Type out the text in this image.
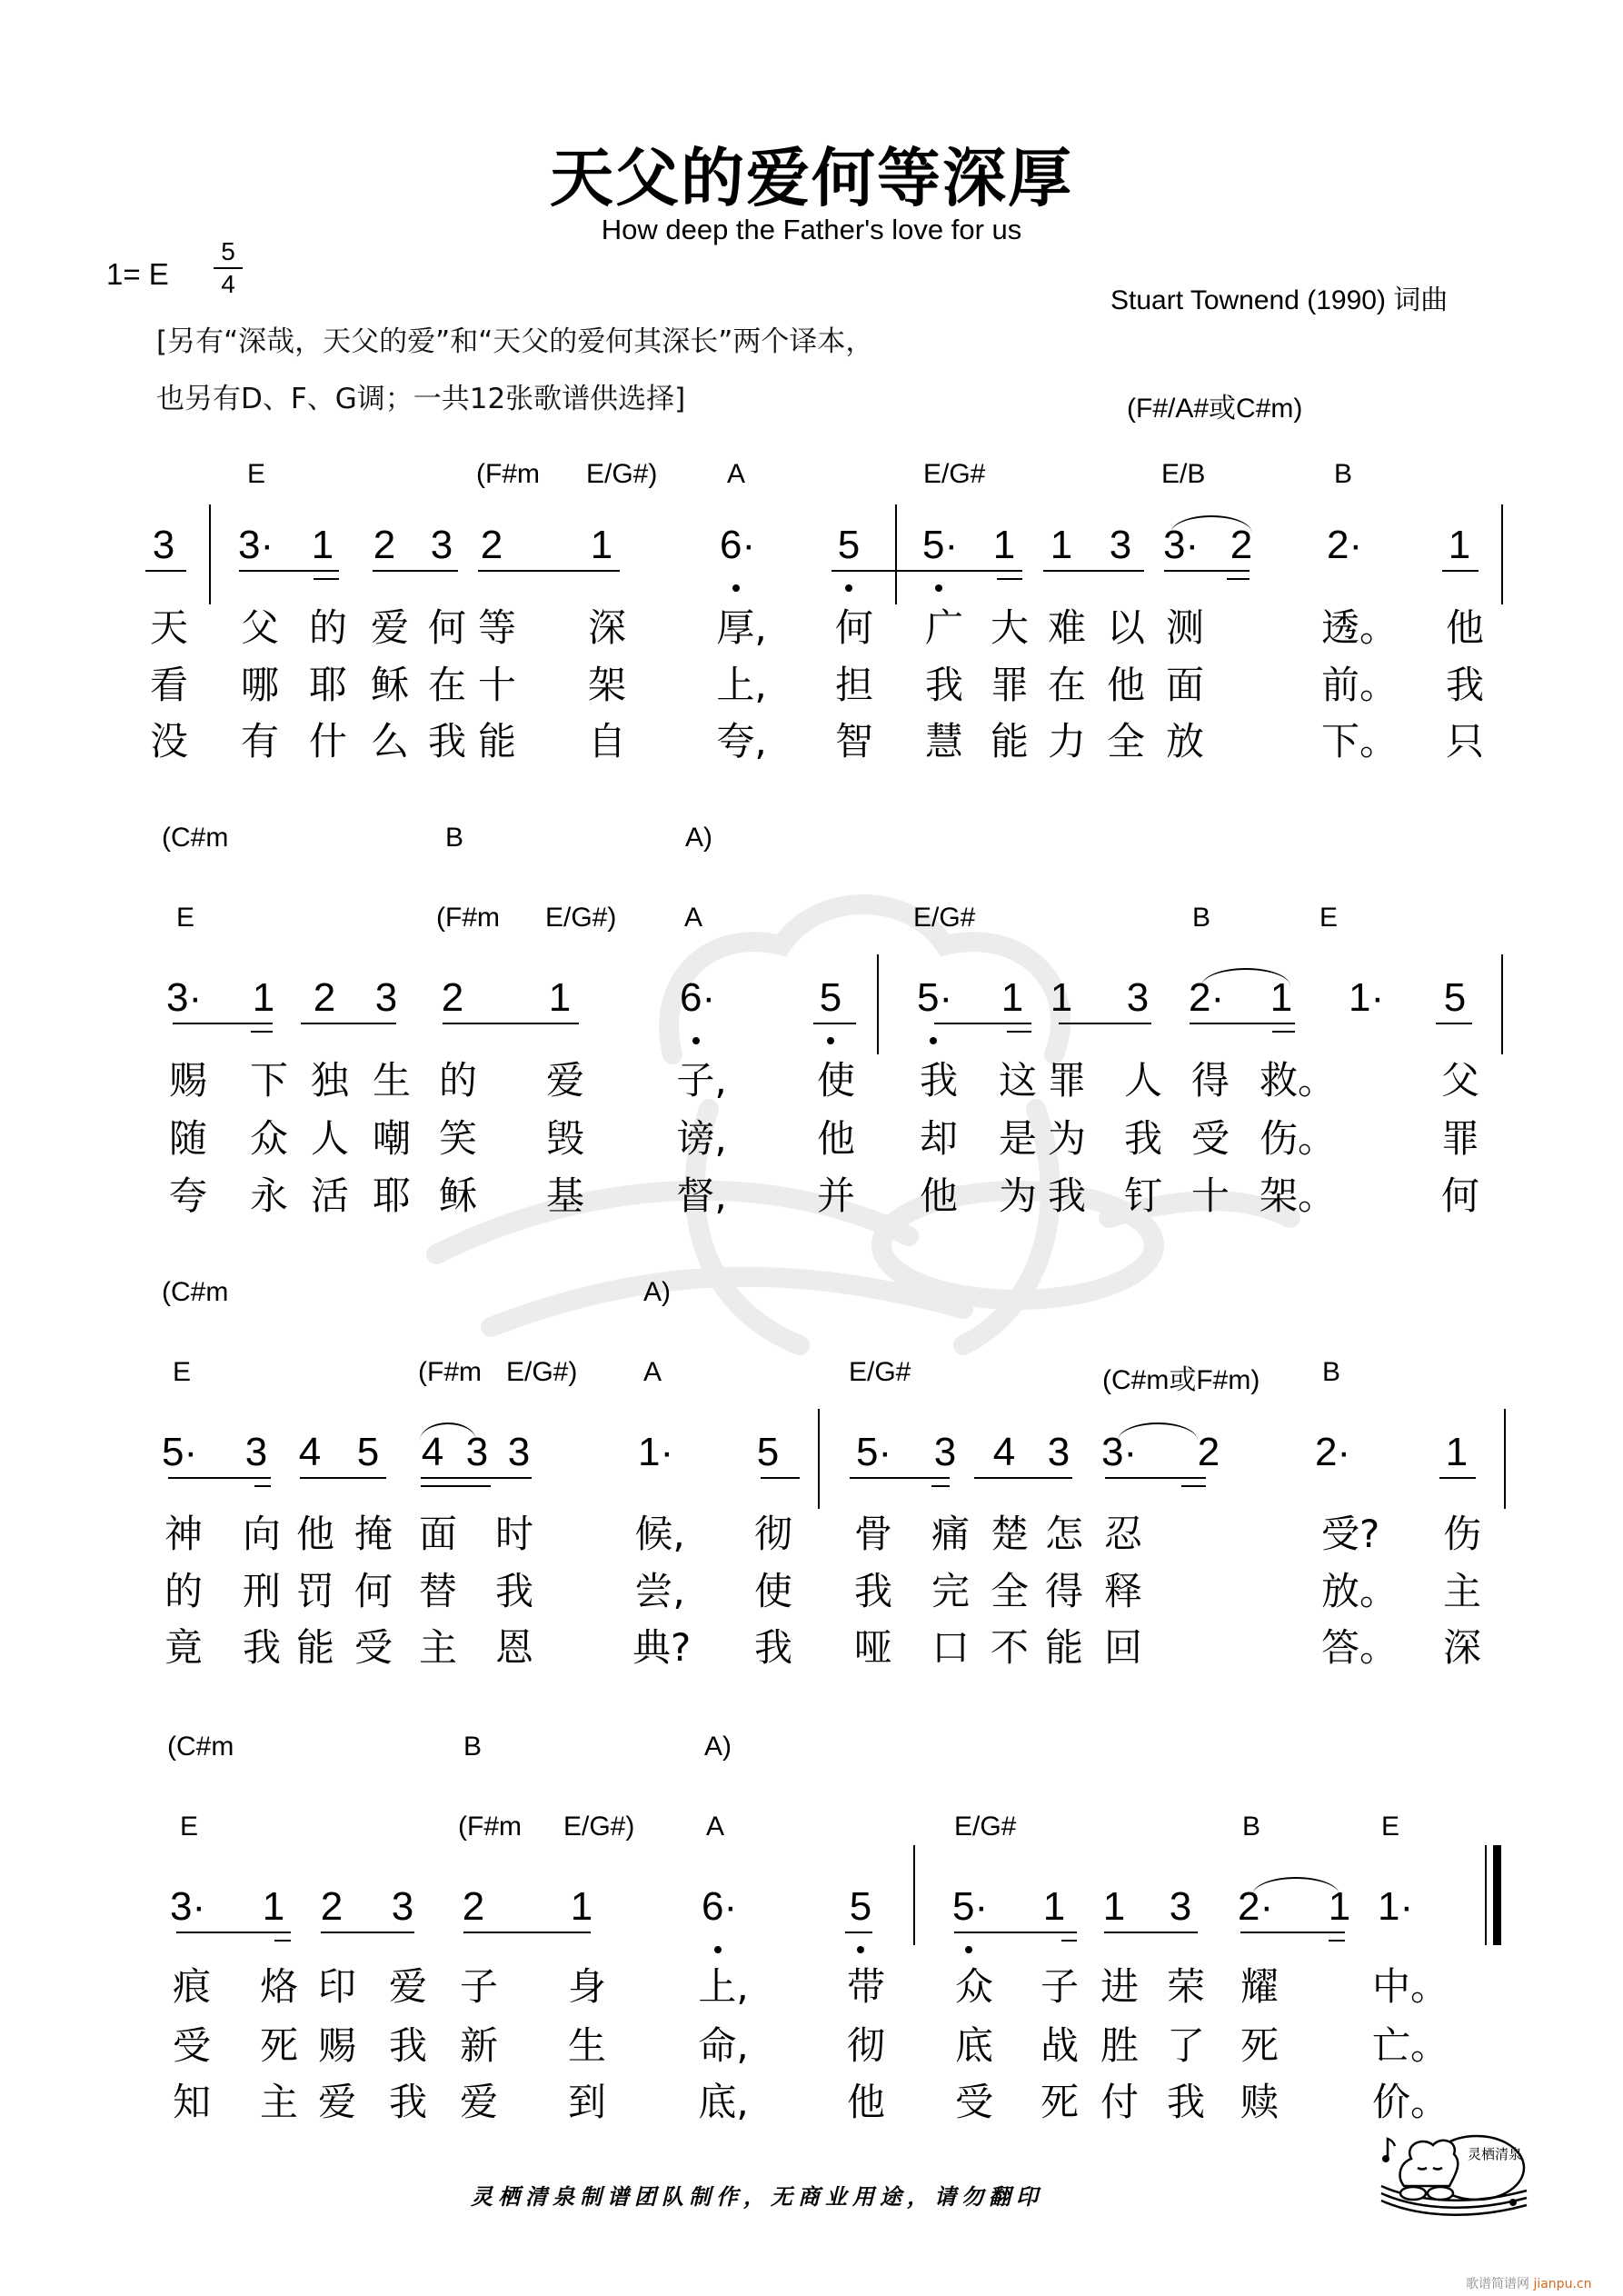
天父的爱何等深厚
How deep the Father's love for us
1= E
5
4
Stuart Townend (1990) 词曲
[另有“深哉，天父的爱”和“天父的爱何其深长”两个译本，
也另有D、F、G调；一共12张歌谱供选择]	(F#/A#或C#m)
E	(F#m E/G#)	A	E/G#	E/B	B
3 3· 1 2 3 2 1	6· 5 5· 1 1 3 3· 2 2· 1
天 父 的 爱 何 等 深 厚, 何 广 大 难 以 测	透。 他
看 哪 耶 稣 在 十 架 上, 担 我 罪 在 他 面	前。 我
没 有 什 么 我 能 自 夸, 智 慧 能 力 全 放	下。 只
(C#m	B	A)
E	(F#m E/G#) A	E/G#	B	E
3· 1 2 3 2 1	6·	5 5· 1 1 3 2· 1 1· 5
赐 下 独 生 的 爱 子, 使 我 这 罪 人 得 救。	父
随 众 人 嘲 笑 毁 谤, 他 却 是 为 我 受 伤。	罪
夸 永 活 耶 稣 基 督, 并 他 为 我 钉 十 架。	何
(C#m	A)
E	(F#m E/G#) A	E/G#	(C#m或F#m) B
5· 3 4 5 4 3 3	1· 5 5· 3 4 3 3· 2 2· 1
神 向 他 掩 面 时	候, 彻 骨 痛 楚 怎 忍	受? 伤
的 刑 罚 何 替 我	尝, 使 我 完 全 得 释	放。 主
竟 我 能 受 主 恩	典? 我 哑 口 不 能 回	答。 深
(C#m	B	A)
E	(F#m E/G#)	A	E/G#	B	E
3· 1 2 3 2 1	6·	5 5· 1 1 3 2· 1 1·
痕 烙 印 爱 子 身 上,	带 众 子 进 荣 耀 中。
受 死 赐 我 新 生 命,	彻 底 战 胜 了 死 亡。
知 主 爱 我 爱 到 底,	他 受 死 付 我 赎 价。
灵栖清泉制谱团队制作，无商业用途，请勿翻印
灵栖清泉
歌谱简谱网 jianpu.cn
